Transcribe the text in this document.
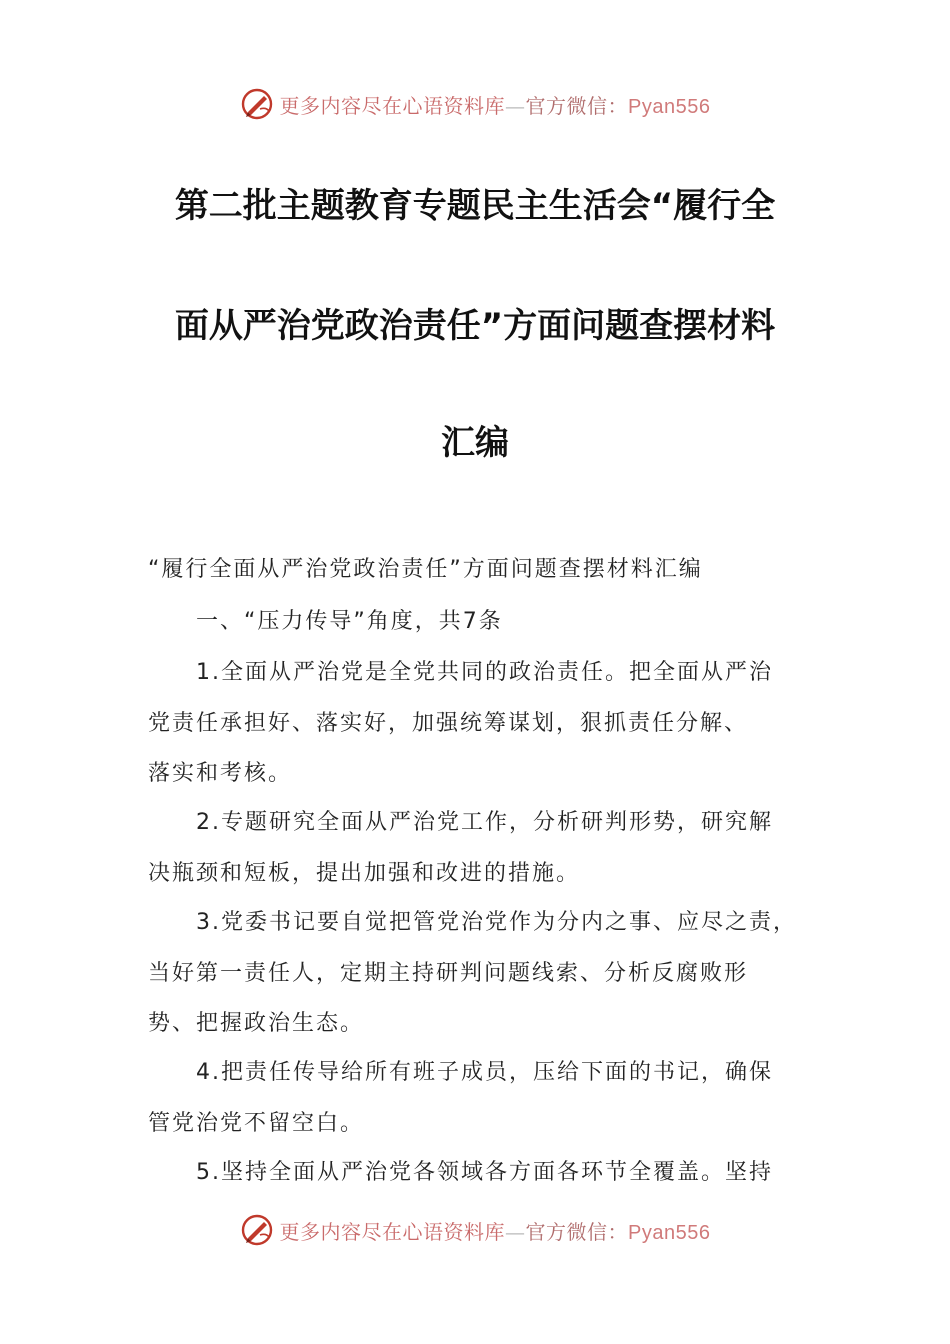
更多内容尽在心语资料库—官方微信：Pyan556
第二批主题教育专题民主生活会“履行全
面从严治党政治责任”方面问题查摆材料
汇编
“履行全面从严治党政治责任”方面问题查摆材料汇编
一、“压力传导”角度，共7条
1.全面从严治党是全党共同的政治责任。把全面从严治
党责任承担好、落实好，加强统筹谋划，狠抓责任分解、
落实和考核。
2.专题研究全面从严治党工作，分析研判形势，研究解
决瓶颈和短板，提出加强和改进的措施。
3.党委书记要自觉把管党治党作为分内之事、应尽之责，
当好第一责任人，定期主持研判问题线索、分析反腐败形
势、把握政治生态。
4.把责任传导给所有班子成员，压给下面的书记，确保
管党治党不留空白。
5.坚持全面从严治党各领域各方面各环节全覆盖。坚持
更多内容尽在心语资料库—官方微信：Pyan556
